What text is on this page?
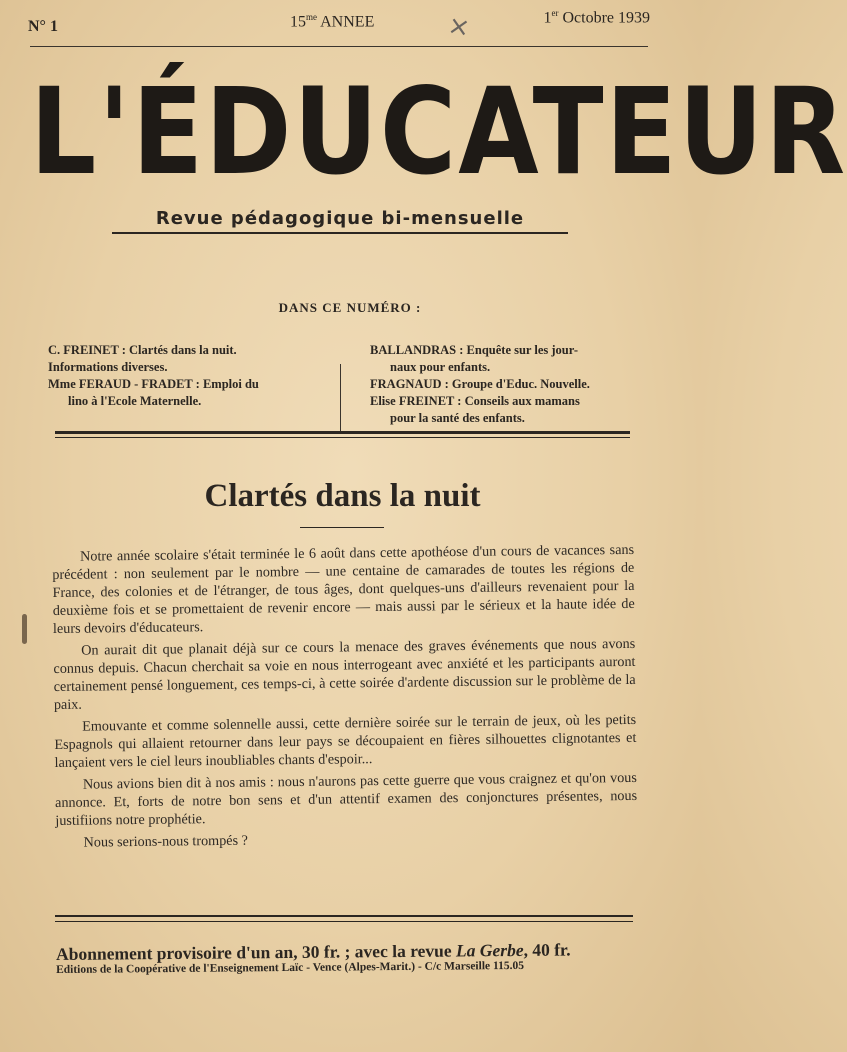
N° 1	$15^{me}$ ANNEE	1er Octobre 1939
×
L'ÉDUCATEUR
Revue pédagogique bi-mensuelle
DANS CE NUMÉRO :
C. FREINET : Clartés dans la nuit.
Informations diverses.
Mme FERAUD - FRADET : Emploi du
lino à l'Ecole Maternelle.
BALLANDRAS : Enquête sur les jour-
naux pour enfants.
FRAGNAUD : Groupe d'Educ. Nouvelle.
Elise FREINET : Conseils aux mamans
pour la santé des enfants.
Clartés dans la nuit

Notre année scolaire s'était terminée le 6 août dans cette apothéose d'un cours de vacances sans précédent : non seulement par le nombre — une centaine de camarades de toutes les régions de France, des colonies et de l'étranger, de tous âges, dont quelques-uns d'ailleurs revenaient pour la deuxième fois et se promettaient de revenir encore — mais aussi par le sérieux et la haute idée de leurs devoirs d'éducateurs.

On aurait dit que planait déjà sur ce cours la menace des graves événements que nous avons connus depuis. Chacun cherchait sa voie en nous interrogeant avec anxiété et les participants auront certainement pensé longuement, ces temps-ci, à cette soirée d'ardente discussion sur le problème de la paix.

Emouvante et comme solennelle aussi, cette dernière soirée sur le terrain de jeux, où les petits Espagnols qui allaient retourner dans leur pays se découpaient en fières silhouettes clignotantes et lançaient vers le ciel leurs inoubliables chants d'espoir...

Nous avions bien dit à nos amis : nous n'aurons pas cette guerre que vous craignez et qu'on vous annonce. Et, forts de notre bon sens et d'un attentif examen des conjonctures présentes, nous justifiions notre prophétie.

Nous serions-nous trompés ?

Abonnement provisoire d'un an, 30 fr. ; avec la revue La Gerbe, 40 fr.
Editions de la Coopérative de l'Enseignement Laïc - Vence (Alpes-Marit.) - C/c Marseille 115.05
